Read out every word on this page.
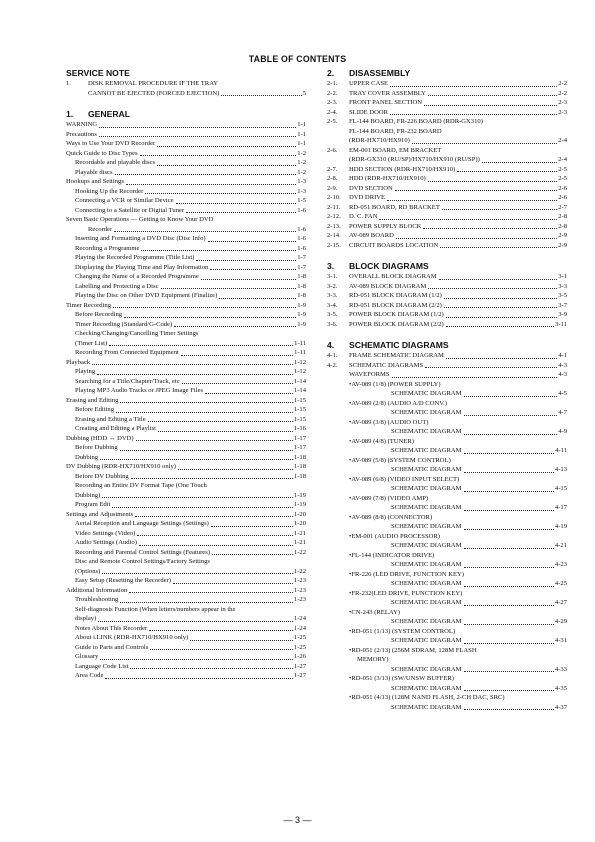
TABLE OF CONTENTS
SERVICE NOTE
1.	DISK REMOVAL PROCEDURE IF THE TRAY
CANNOT BE EJECTED (FORCED EJECTION)	5
1.	GENERAL
WARNING	1-1
Precautions	1-1
Ways to Use Your DVD Recorder	1-1
Quick Guide to Disc Types	1-2
Recordable and playable discs	1-2
Playable discs	1-2
Hookups and Settings	1-3
Hooking Up the Recorder	1-3
Connecting a VCR or Similar Device	1-5
Connecting to a Satellite or Digital Tuner	1-6
Seven Basic Operations — Getting to Know Your DVD
Recorder	1-6
Inserting and Formatting a DVD Disc (Disc Info)	1-6
Recording a Programme	1-6
Playing the Recorded Programme (Title List)	1-7
Displaying the Playing Time and Play Information	1-7
Changing the Name of a Recorded Programme	1-8
Labelling and Protecting a Disc	1-8
Playing the Disc on Other DVD Equipment (Finalize)	1-8
Timer Recording	1-9
Before Recording	1-9
Timer Recording (Standard/G-Code)	1-9
Checking/Changing/Cancelling Timer Settings
(Timer List)	1-11
Recording From Connected Equipment	1-11
Playback	1-12
Playing	1-12
Searching for a Title/Chapter/Track, etc	1-14
Playing MP3 Audio Tracks or JPEG Image Files	1-14
Erasing and Editing	1-15
Before Editing	1-15
Erasing and Editing a Title	1-15
Creating and Editing a Playlist	1-16
Dubbing (HDD ↔ DVD)	1-17
Before Dubbing	1-17
Dubbing	1-18
DV Dubbing (RDR-HX710/HX910 only)	1-18
Before DV Dubbing	1-18
Recording an Entire DV Format Tape (One Touch
Dubbing)	1-19
Program Edit	1-19
Settings and Adjustments	1-20
Aerial Reception and Language Settings (Settings)	1-20
Video Settings (Video)	1-21
Audio Settings (Audio)	1-21
Recording and Parental Control Settings (Features)	1-22
Disc and Remote Control Settings/Factory Settings
(Options)	1-22
Easy Setup (Resetting the Recorder)	1-23
Additional Information	1-23
Troubleshooting	1-23
Self-diagnosis Function (When letters/numbers appear in the
display)	1-24
Notes About This Recorder	1-24
About i.LINK (RDR-HX710/HX910 only)	1-25
Guide to Parts and Controls	1-25
Glossary	1-26
Language Code List	1-27
Area Code	1-27
2.	DISASSEMBLY
2-1.	UPPER CASE	2-2
2-2.	TRAY COVER ASSEMBLY	2-2
2-3.	FRONT PANEL SECTION	2-3
2-4.	SLIDE DOOR	2-3
2-5.	FL-144 BOARD, FR-226 BOARD (RDR-GX310)
FL-144 BOARD, FR-232 BOARD
(RDR-HX710/HX910)	2-4
2-6.	EM-001 BOARD, EM BRACKET
(RDR-GX310 (RU/SP)/HX710/HX910 (RU/SP))	2-4
2-7.	HDD SECTION (RDR-HX710/HX910)	2-5
2-8.	HDD (RDR-HX710/HX910)	2-5
2-9.	DVD SECTION	2-6
2-10.	DVD DRIVE	2-6
2-11.	RD-051 BOARD, RD BRACKET	2-7
2-12.	D. C. FAN	2-8
2-13.	POWER SUPPLY BLOCK	2-8
2-14.	AV-089 BOARD	2-9
2-15.	CIRCUIT BOARDS LOCATION	2-9
3.	BLOCK DIAGRAMS
3-1.	OVERALL BLOCK DIAGRAM	3-1
3-2.	AV-089 BLOCK DIAGRAM	3-3
3-3.	RD-051 BLOCK DIAGRAM (1/2)	3-5
3-4.	RD-051 BLOCK DIAGRAM (2/2)	3-7
3-5.	POWER BLOCK DIAGRAM (1/2)	3-9
3-6.	POWER BLOCK DIAGRAM (2/2)	3-11
4.	SCHEMATIC DIAGRAMS
4-1.	FRAME SCHEMATIC DIAGRAM	4-1
4-2.	SCHEMATIC DIAGRAMS	4-3
WAVEFORMS	4-3
• AV-089 (1/8) (POWER SUPPLY)
SCHEMATIC DIAGRAM	4-5
• AV-089 (2/8) (AUDIO A/D CONV.)
SCHEMATIC DIAGRAM	4-7
• AV-089 (3/8) (AUDIO OUT)
SCHEMATIC DIAGRAM	4-9
• AV-089 (4/8) (TUNER)
SCHEMATIC DIAGRAM	4-11
• AV-089 (5/8) (SYSTEM CONTROL)
SCHEMATIC DIAGRAM	4-13
• AV-089 (6/8) (VIDEO INPUT SELECT)
SCHEMATIC DIAGRAM	4-15
• AV-089 (7/8) (VIDEO AMP)
SCHEMATIC DIAGRAM	4-17
• AV-089 (8/8) (CONNECTOR)
SCHEMATIC DIAGRAM	4-19
• EM-001 (AUDIO PROCESSOR)
SCHEMATIC DIAGRAM	4-21
• FL-144 (INDICATOR DRIVE)
SCHEMATIC DIAGRAM	4-23
• FR-226 (LED DRIVE, FUNCTION KEY)
SCHEMATIC DIAGRAM	4-25
• FR-232(LED DRIVE, FUNCTION KEY)
SCHEMATIC DIAGRAM	4-27
• CN-243 (RELAY)
SCHEMATIC DIAGRAM	4-29
• RD-051 (1/13) (SYSTEM CONTROL)
SCHEMATIC DIAGRAM	4-31
• RD-051 (2/13) (256M SDRAM, 128M FLASH
MEMORY)
SCHEMATIC DIAGRAM	4-33
• RD-051 (3/13) (SW/UNSW BUFFER)
SCHEMATIC DIAGRAM	4-35
• RD-051 (4/13) (128M NAND FLASH, 2-CH DAC, SRC)
SCHEMATIC DIAGRAM	4-37
— 3 —
